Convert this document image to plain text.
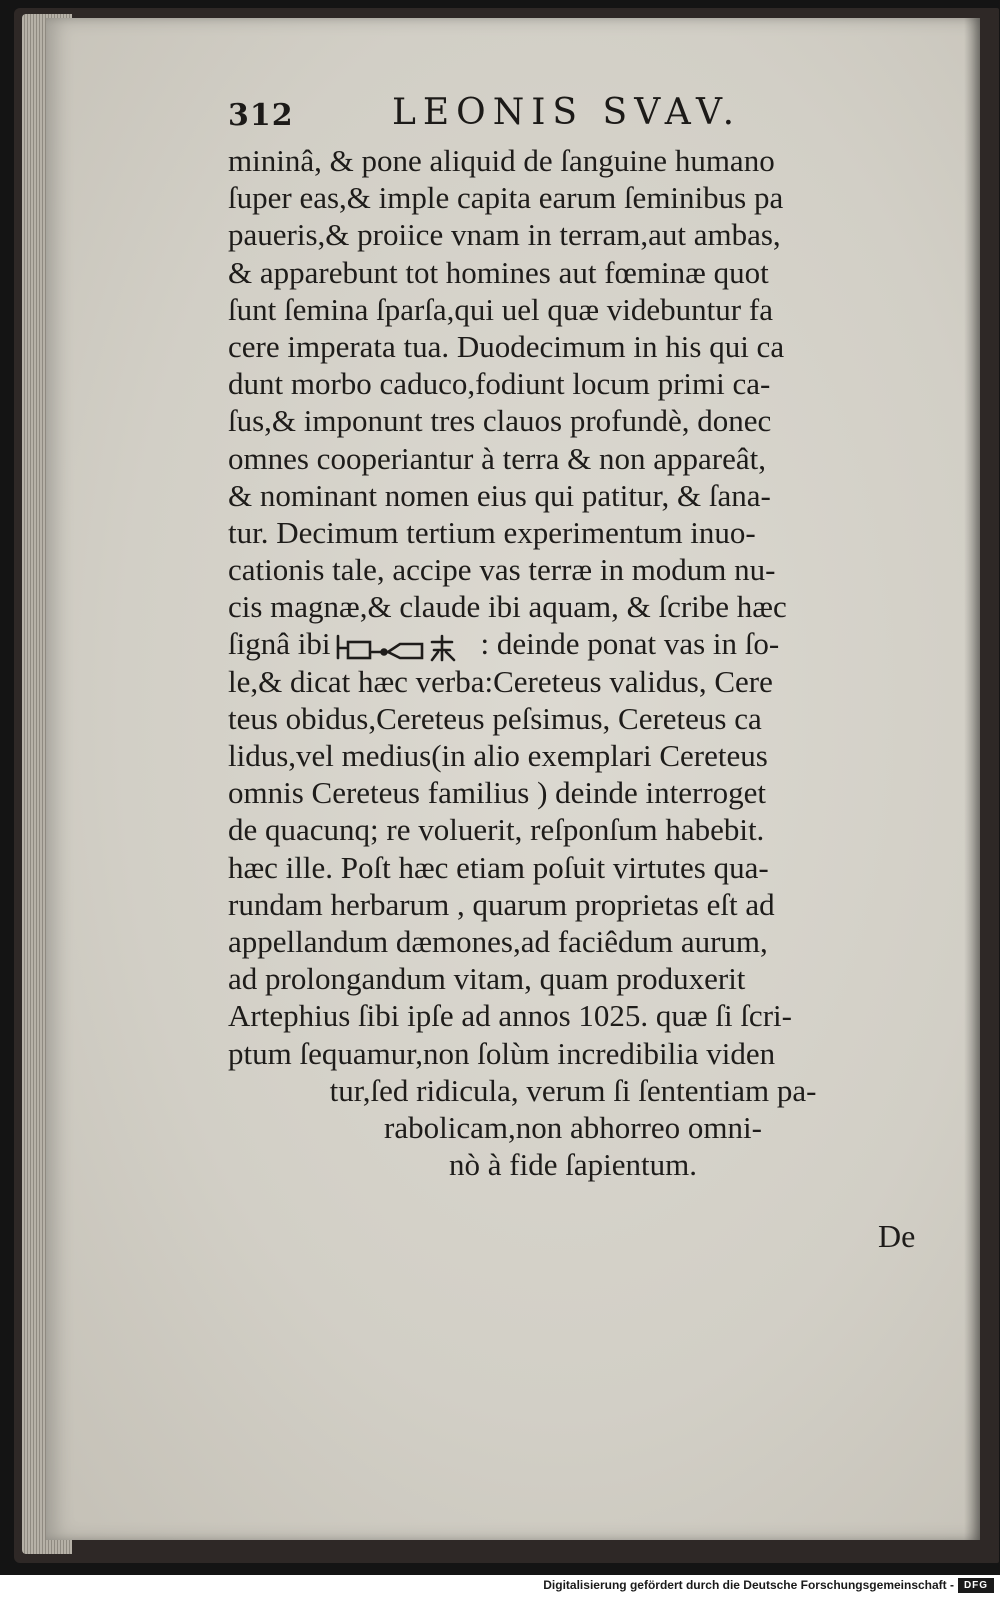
312	LEONIS SVAV.
mininâ, & pone aliquid de ſanguine humano
ſuper eas,& imple capita earum ſeminibus pa
paueris,& proiice vnam in terram,aut ambas,
& apparebunt tot homines aut fœminæ quot
ſunt ſemina ſparſa,qui uel quæ videbuntur fa
cere imperata tua. Duodecimum in his qui ca
dunt morbo caduco,fodiunt locum primi ca-
ſus,& imponunt tres clauos profundè, donec
omnes cooperiantur à terra & non appareât,
& nominant nomen eius qui patitur, & ſana-
tur. Decimum tertium experimentum inuo-
cationis tale, accipe vas terræ in modum nu-
cis magnæ,& claude ibi aquam, & ſcribe hæc
ſignâ ibi	: deinde ponat vas in ſo-
le,& dicat hæc verba:Cereteus validus, Cere
teus obidus,Cereteus peſsimus, Cereteus ca
lidus,vel medius(in alio exemplari Cereteus
omnis Cereteus familius ) deinde interroget
de quacunq; re voluerit, reſponſum habebit.
hæc ille. Poſt hæc etiam poſuit virtutes qua-
rundam herbarum , quarum proprietas eſt ad
appellandum dæmones,ad faciêdum aurum,
ad prolongandum vitam, quam produxerit
Artephius ſibi ipſe ad annos 1025. quæ ſi ſcri-
ptum ſequamur,non ſolùm incredibilia viden
tur,ſed ridicula, verum ſi ſententiam pa-
rabolicam,non abhorreo omni-
nò à fide ſapientum.
De
Digitalisierung gefördert durch die Deutsche Forschungsgemeinschaft - DFG
